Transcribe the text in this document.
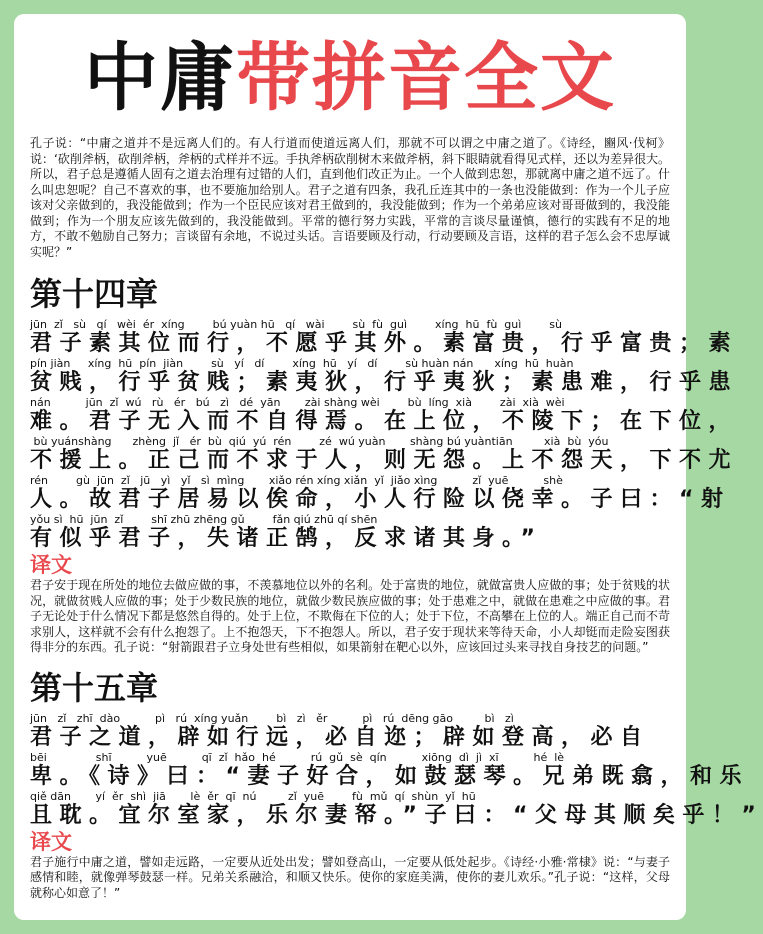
中庸带拼音全文

孔子说：“中庸之道并不是远离人们的。有人行道而使道远离人们，那就不可以谓之中庸之道了。《诗经，豳风·伐柯》说：‘砍削斧柄，砍削斧柄，斧柄的式样并不远。手执斧柄砍削树木来做斧柄，斜下眼睛就看得见式样，还以为差异很大。所以，君子总是遵循人固有之道去治理有过错的人们，直到他们改正为止。一个人做到忠恕，那就离中庸之道不远了。什么叫忠恕呢？自己不喜欢的事，也不要施加给别人。君子之道有四条，我孔丘连其中的一条也没能做到：作为一个儿子应该对父亲做到的，我没能做到；作为一个臣民应该对君王做到的，我没能做到；作为一个弟弟应该对哥哥做到的，我没能做到；作为一个朋友应该先做到的，我没能做到。平常的德行努力实践，平常的言谈尽量谨慎，德行的实践有不足的地方，不敢不勉励自己努力；言谈留有余地，不说过头话。言语要顾及行动，行动要顾及言语，这样的君子怎么会不忠厚诚实呢？”

第十四章
jūn  zǐ   sù   qí   wèi  ér  xíng        bú yuàn hū   qí   wài        sù  fù  guì        xíng  hū  fù  guì        sù
君子素其位而行，不愿乎其外。素富贵，行乎富贵；素
pín jiàn     xíng  hū  pín  jiàn        sù   yí   dí        xíng  hū   yí   dí        sù huàn nán      xíng  hū  huàn
贫贱，行乎贫贱；素夷狄，行乎夷狄；素患难，行乎患
nán          jūn  zǐ  wú   rù   ér   bú   zì   dé  yān       zài shàng wèi        bù  líng  xià        zài  xià  wèi
难。君子无入而不自得焉。在上位，不陵下；在下位，
bù yuánshàng      zhèng  jǐ   ér  bù  qiú  yú  rén        zé  wú yuàn       shàng bú yuàntiān         xià  bù  yóu
不援上。正己而不求于人，则无怨。上不怨天，下不尤
rén        gù  jūn  zǐ   jū   yì   yǐ   sì  mìng       xiǎo rén xíng xiǎn  yǐ  jiǎo xìng          zǐ  yuē          shè
人。故君子居易以俟命，小人行险以侥幸。子曰：“射
yǒu sì  hū  jūn  zǐ        shī zhū zhēng gǔ        fǎn qiú zhū qí shēn
有似乎君子，失诸正鹄，反求诸其身。”
译文

君子安于现在所处的地位去做应做的事，不羡慕地位以外的名利。处于富贵的地位，就做富贵人应做的事；处于贫贱的状况，就做贫贱人应做的事；处于少数民族的地位，就做少数民族应做的事；处于患难之中，就做在患难之中应做的事。君子无论处于什么情况下都是悠然自得的。处于上位，不欺侮在下位的人；处于下位，不高攀在上位的人。端正自己而不苛求别人，这样就不会有什么抱怨了。上不抱怨天，下不抱怨人。所以，君子安于现状来等待天命，小人却铤而走险妄图获得非分的东西。孔子说：“射箭跟君子立身处世有些相似，如果箭射在靶心以外，应该回过头来寻找自身技艺的问题。”

第十五章
jūn   zǐ   zhī  dào          pì   rú  xíng yuǎn        bì   zì   ěr          pì   rú  dēng gāo         bì   zì
君子之道，辟如行远，必自迩；辟如登高，必自
bēi              shī          yuē          qī  zǐ  hǎo  hé          rú  gǔ  sè  qín          xiōng  dì  jì  xī          hé  lè
卑。《诗》曰：“妻子好合，如鼓瑟琴。兄弟既翕，和乐
qiě dān       yí  ěr  shì  jiā       lè  ěr  qī  nú         zǐ  yuē        fù  mǔ  qí  shùn  yǐ  hū
且耽。宜尔室家，乐尔妻帑。”子曰：“父母其顺矣乎！”
译文

君子施行中庸之道，譬如走远路，一定要从近处出发；譬如登高山，一定要从低处起步。《诗经·小雅·常棣》说：“与妻子感情和睦，就像弹琴鼓瑟一样。兄弟关系融洽，和顺又快乐。使你的家庭美满，使你的妻儿欢乐。”孔子说：“这样，父母就称心如意了！”
